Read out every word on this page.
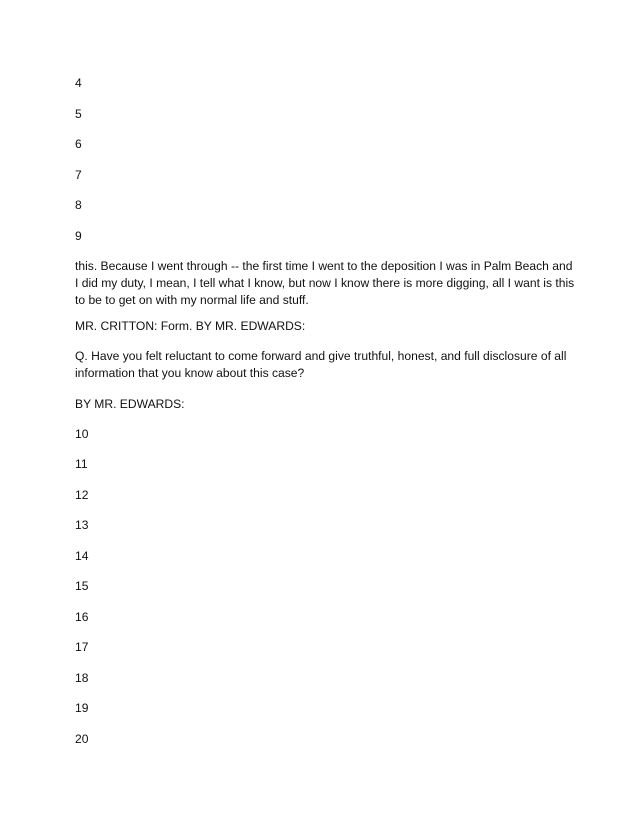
4
5
6
7
8
9
this. Because I went through -- the first time I went to the deposition I was in Palm Beach and I did my duty, I mean, I tell what I know, but now I know there is more digging, all I want is this to be to get on with my normal life and stuff.
MR. CRITTON: Form. BY MR. EDWARDS:
Q. Have you felt reluctant to come forward and give truthful, honest, and full disclosure of all information that you know about this case?
BY MR. EDWARDS:
10
11
12
13
14
15
16
17
18
19
20
